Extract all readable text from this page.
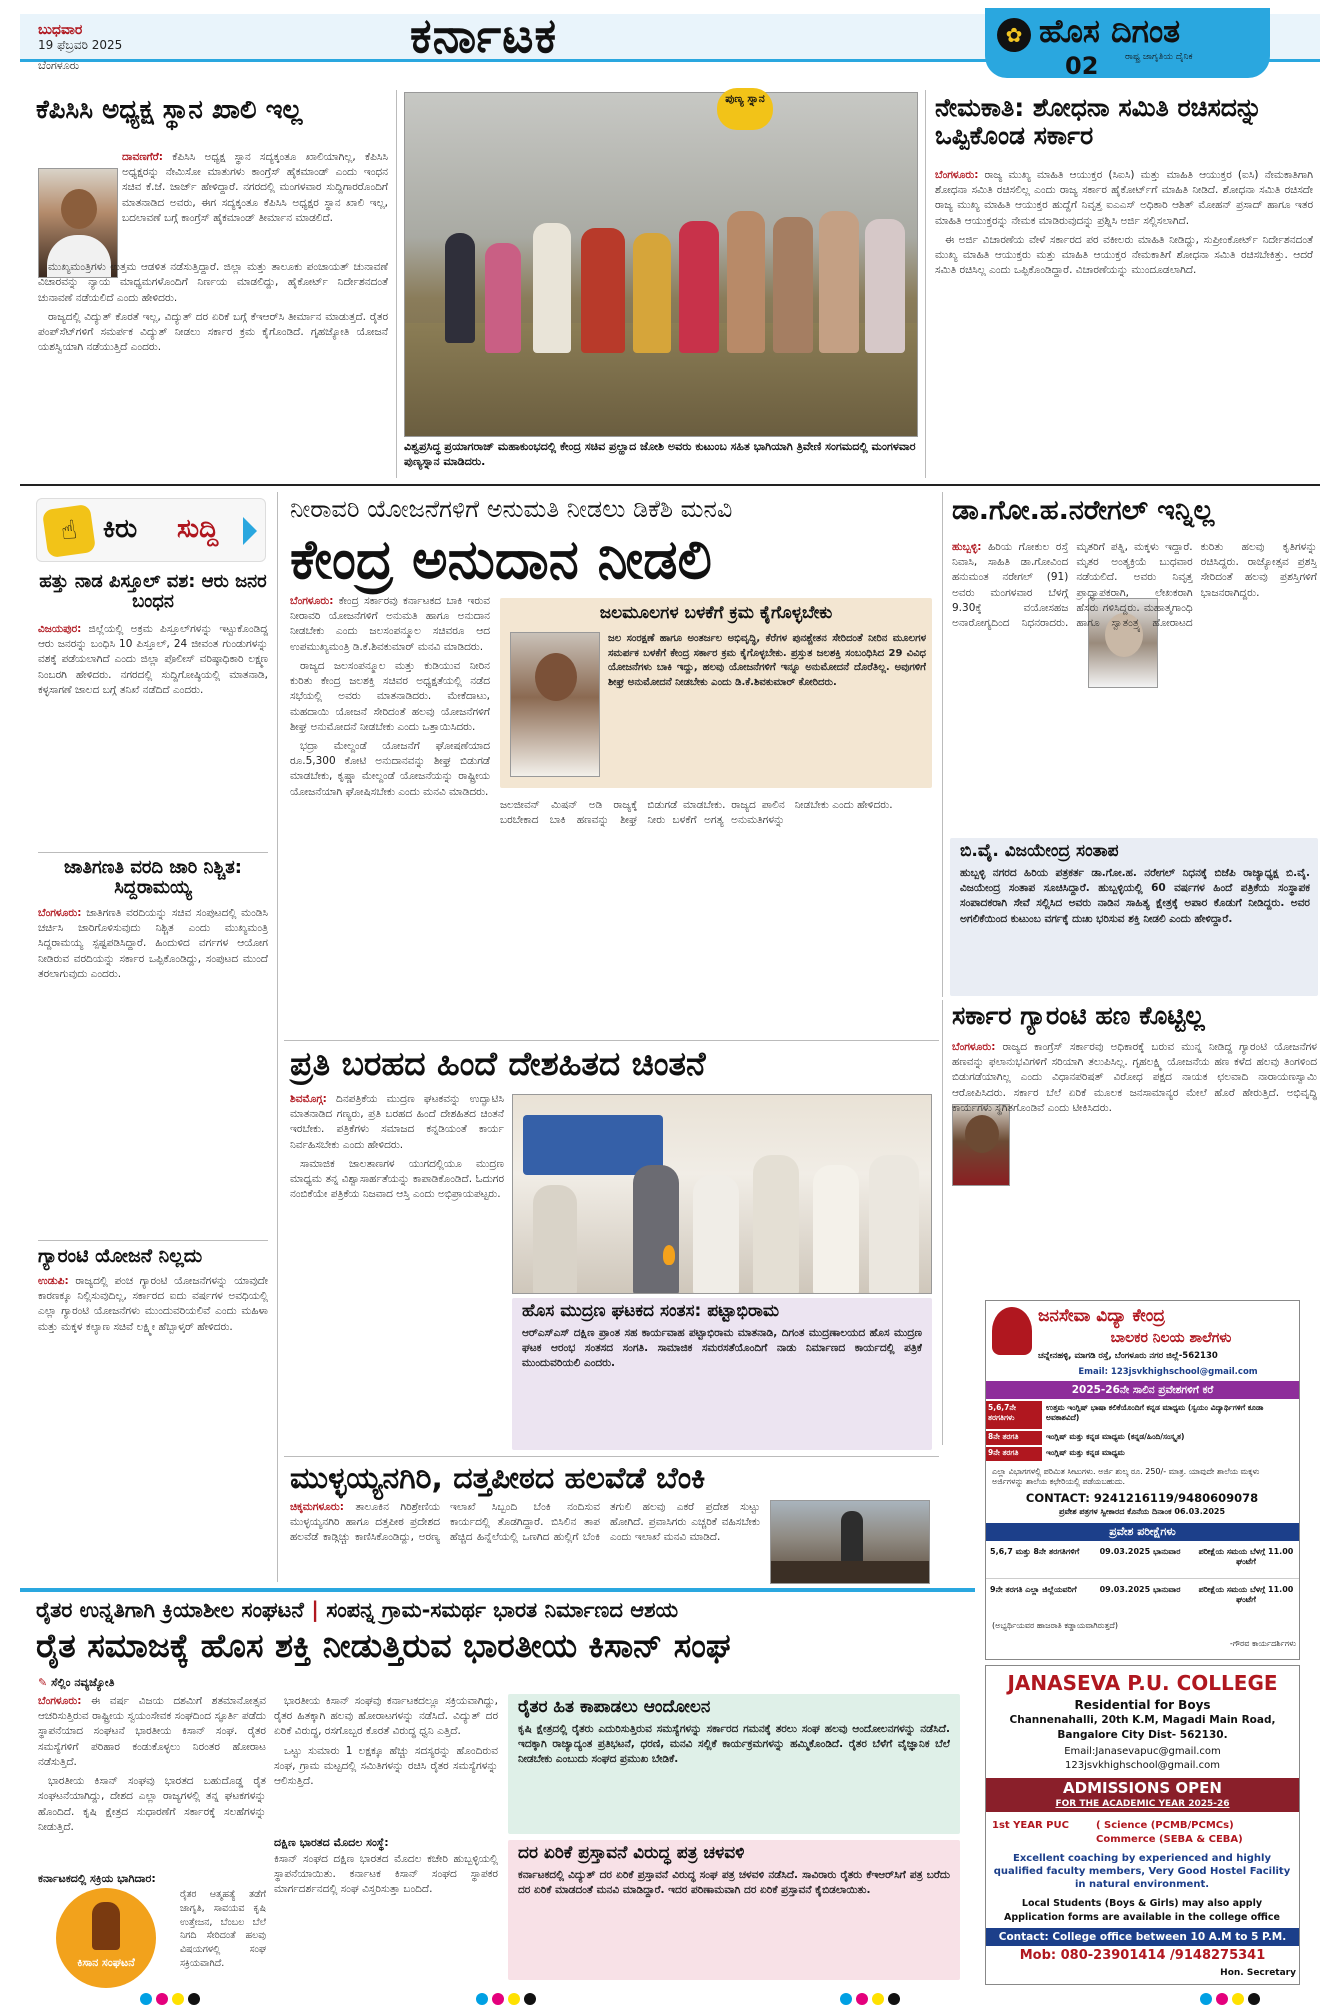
ಬುಧವಾರ
19 ಫೆಬ್ರವರಿ 2025
ಬೆಂಗಳೂರು
ಕರ್ನಾಟಕ	✿ ಹೊಸ ದಿಗಂತ
ರಾಷ್ಟ್ರ ಜಾಗೃತಿಯ ದೈನಿಕ
02
ಕೆಪಿಸಿಸಿ ಅಧ್ಯಕ್ಷ ಸ್ಥಾನ ಖಾಲಿ ಇಲ್ಲ

ದಾವಣಗೆರೆ: ಕೆಪಿಸಿಸಿ ಅಧ್ಯಕ್ಷ ಸ್ಥಾನ ಸದ್ಯಕ್ಕಂತೂ ಖಾಲಿಯಾಗಿಲ್ಲ, ಕೆಪಿಸಿಸಿ ಅಧ್ಯಕ್ಷರನ್ನು ನೇಮಿಸೋ ಮಾತುಗಳು ಕಾಂಗ್ರೆಸ್ ಹೈಕಮಾಂಡ್ ಎಂದು ಇಂಧನ ಸಚಿವ ಕೆ.ಜೆ. ಜಾರ್ಜ್ ಹೇಳಿದ್ದಾರೆ. ನಗರದಲ್ಲಿ ಮಂಗಳವಾರ ಸುದ್ದಿಗಾರರೊಂದಿಗೆ ಮಾತನಾಡಿದ ಅವರು, ಈಗ ಸದ್ಯಕ್ಕಂತೂ ಕೆಪಿಸಿಸಿ ಅಧ್ಯಕ್ಷರ ಸ್ಥಾನ ಖಾಲಿ ಇಲ್ಲ, ಬದಲಾವಣೆ ಬಗ್ಗೆ ಕಾಂಗ್ರೆಸ್ ಹೈಕಮಾಂಡ್ ತೀರ್ಮಾನ ಮಾಡಲಿದೆ.

ಮುಖ್ಯಮಂತ್ರಿಗಳು ಉತ್ತಮ ಆಡಳಿತ ನಡೆಸುತ್ತಿದ್ದಾರೆ. ಜಿಲ್ಲಾ ಮತ್ತು ತಾಲೂಕು ಪಂಚಾಯತ್ ಚುನಾವಣೆ ವಿಚಾರವನ್ನು ನ್ಯಾಯ ಮಾಧ್ಯಮಗಳೊಂದಿಗೆ ನಿರ್ಣಯ ಮಾಡಲಿದ್ದು, ಹೈಕೋರ್ಟ್ ನಿರ್ದೇಶನದಂತೆ ಚುನಾವಣೆ ನಡೆಯಲಿದೆ ಎಂದು ಹೇಳಿದರು.

ರಾಜ್ಯದಲ್ಲಿ ವಿದ್ಯುತ್ ಕೊರತೆ ಇಲ್ಲ, ವಿದ್ಯುತ್ ದರ ಏರಿಕೆ ಬಗ್ಗೆ ಕೆಇಆರ್‌ಸಿ ತೀರ್ಮಾನ ಮಾಡುತ್ತದೆ. ರೈತರ ಪಂಪ್‌ಸೆಟ್‌ಗಳಿಗೆ ಸಮರ್ಪಕ ವಿದ್ಯುತ್ ನೀಡಲು ಸರ್ಕಾರ ಕ್ರಮ ಕೈಗೊಂಡಿದೆ. ಗೃಹಜ್ಯೋತಿ ಯೋಜನೆ ಯಶಸ್ವಿಯಾಗಿ ನಡೆಯುತ್ತಿದೆ ಎಂದರು.

ಪುಣ್ಯ ಸ್ನಾನ
ವಿಶ್ವಪ್ರಸಿದ್ಧ ಪ್ರಯಾಗರಾಜ್ ಮಹಾಕುಂಭದಲ್ಲಿ ಕೇಂದ್ರ ಸಚಿವ ಪ್ರಲ್ಹಾದ ಜೋಶಿ ಅವರು ಕುಟುಂಬ ಸಹಿತ ಭಾಗಿಯಾಗಿ ತ್ರಿವೇಣಿ ಸಂಗಮದಲ್ಲಿ ಮಂಗಳವಾರ ಪುಣ್ಯಸ್ನಾನ ಮಾಡಿದರು.
ನೇಮಕಾತಿ: ಶೋಧನಾ ಸಮಿತಿ ರಚಿಸದನ್ನು ಒಪ್ಪಿಕೊಂಡ ಸರ್ಕಾರ

ಬೆಂಗಳೂರು: ರಾಜ್ಯ ಮುಖ್ಯ ಮಾಹಿತಿ ಆಯುಕ್ತರ (ಸಿಐಸಿ) ಮತ್ತು ಮಾಹಿತಿ ಆಯುಕ್ತರ (ಐಸಿ) ನೇಮಕಾತಿಗಾಗಿ ಶೋಧನಾ ಸಮಿತಿ ರಚಿಸಲಿಲ್ಲ ಎಂದು ರಾಜ್ಯ ಸರ್ಕಾರ ಹೈಕೋರ್ಟ್‌ಗೆ ಮಾಹಿತಿ ನೀಡಿದೆ. ಶೋಧನಾ ಸಮಿತಿ ರಚಿಸದೇ ರಾಜ್ಯ ಮುಖ್ಯ ಮಾಹಿತಿ ಆಯುಕ್ತರ ಹುದ್ದೆಗೆ ನಿವೃತ್ತ ಐಎಎಸ್ ಅಧಿಕಾರಿ ಆಶಿತ್ ಮೋಹನ್ ಪ್ರಸಾದ್ ಹಾಗೂ ಇತರ ಮಾಹಿತಿ ಆಯುಕ್ತರನ್ನು ನೇಮಕ ಮಾಡಿರುವುದನ್ನು ಪ್ರಶ್ನಿಸಿ ಅರ್ಜಿ ಸಲ್ಲಿಸಲಾಗಿದೆ.

ಈ ಅರ್ಜಿ ವಿಚಾರಣೆಯ ವೇಳೆ ಸರ್ಕಾರದ ಪರ ವಕೀಲರು ಮಾಹಿತಿ ನೀಡಿದ್ದು, ಸುಪ್ರೀಂಕೋರ್ಟ್ ನಿರ್ದೇಶನದಂತೆ ಮುಖ್ಯ ಮಾಹಿತಿ ಆಯುಕ್ತರು ಮತ್ತು ಮಾಹಿತಿ ಆಯುಕ್ತರ ನೇಮಕಾತಿಗೆ ಶೋಧನಾ ಸಮಿತಿ ರಚಿಸಬೇಕಿತ್ತು. ಆದರೆ ಸಮಿತಿ ರಚಿಸಿಲ್ಲ ಎಂದು ಒಪ್ಪಿಕೊಂಡಿದ್ದಾರೆ. ವಿಚಾರಣೆಯನ್ನು ಮುಂದೂಡಲಾಗಿದೆ.

☝ ಕಿರು ಸುದ್ದಿ
ಹತ್ತು ನಾಡ ಪಿಸ್ತೂಲ್ ವಶ: ಆರು ಜನರ ಬಂಧನ

ವಿಜಯಪುರ: ಜಿಲ್ಲೆಯಲ್ಲಿ ಅಕ್ರಮ ಪಿಸ್ತೂಲ್‌ಗಳನ್ನು ಇಟ್ಟುಕೊಂಡಿದ್ದ ಆರು ಜನರನ್ನು ಬಂಧಿಸಿ 10 ಪಿಸ್ತೂಲ್, 24 ಜೀವಂತ ಗುಂಡುಗಳನ್ನು ವಶಕ್ಕೆ ಪಡೆಯಲಾಗಿದೆ ಎಂದು ಜಿಲ್ಲಾ ಪೊಲೀಸ್ ವರಿಷ್ಠಾಧಿಕಾರಿ ಲಕ್ಷ್ಮಣ ನಿಂಬರಗಿ ಹೇಳಿದರು. ನಗರದಲ್ಲಿ ಸುದ್ದಿಗೋಷ್ಠಿಯಲ್ಲಿ ಮಾತನಾಡಿ, ಕಳ್ಳಸಾಗಣೆ ಜಾಲದ ಬಗ್ಗೆ ತನಿಖೆ ನಡೆದಿದೆ ಎಂದರು.

ಜಾತಿಗಣತಿ ವರದಿ ಜಾರಿ ನಿಶ್ಚಿತ: ಸಿದ್ದರಾಮಯ್ಯ

ಬೆಂಗಳೂರು: ಜಾತಿಗಣತಿ ವರದಿಯನ್ನು ಸಚಿವ ಸಂಪುಟದಲ್ಲಿ ಮಂಡಿಸಿ ಚರ್ಚಿಸಿ ಜಾರಿಗೊಳಿಸುವುದು ನಿಶ್ಚಿತ ಎಂದು ಮುಖ್ಯಮಂತ್ರಿ ಸಿದ್ದರಾಮಯ್ಯ ಸ್ಪಷ್ಟಪಡಿಸಿದ್ದಾರೆ. ಹಿಂದುಳಿದ ವರ್ಗಗಳ ಆಯೋಗ ನೀಡಿರುವ ವರದಿಯನ್ನು ಸರ್ಕಾರ ಒಪ್ಪಿಕೊಂಡಿದ್ದು, ಸಂಪುಟದ ಮುಂದೆ ತರಲಾಗುವುದು ಎಂದರು.

ಗ್ಯಾರಂಟಿ ಯೋಜನೆ ನಿಲ್ಲದು

ಉಡುಪಿ: ರಾಜ್ಯದಲ್ಲಿ ಪಂಚ ಗ್ಯಾರಂಟಿ ಯೋಜನೆಗಳನ್ನು ಯಾವುದೇ ಕಾರಣಕ್ಕೂ ನಿಲ್ಲಿಸುವುದಿಲ್ಲ, ಸರ್ಕಾರದ ಐದು ವರ್ಷಗಳ ಅವಧಿಯಲ್ಲಿ ಎಲ್ಲಾ ಗ್ಯಾರಂಟಿ ಯೋಜನೆಗಳು ಮುಂದುವರಿಯಲಿವೆ ಎಂದು ಮಹಿಳಾ ಮತ್ತು ಮಕ್ಕಳ ಕಲ್ಯಾಣ ಸಚಿವೆ ಲಕ್ಷ್ಮೀ ಹೆಬ್ಬಾಳ್ಕರ್ ಹೇಳಿದರು.

ನೀರಾವರಿ ಯೋಜನೆಗಳಿಗೆ ಅನುಮತಿ ನೀಡಲು ಡಿಕೆಶಿ ಮನವಿ
ಕೇಂದ್ರ ಅನುದಾನ ನೀಡಲಿ

ಬೆಂಗಳೂರು: ಕೇಂದ್ರ ಸರ್ಕಾರವು ಕರ್ನಾಟಕದ ಬಾಕಿ ಇರುವ ನೀರಾವರಿ ಯೋಜನೆಗಳಿಗೆ ಅನುಮತಿ ಹಾಗೂ ಅನುದಾನ ನೀಡಬೇಕು ಎಂದು ಜಲಸಂಪನ್ಮೂಲ ಸಚಿವರೂ ಆದ ಉಪಮುಖ್ಯಮಂತ್ರಿ ಡಿ.ಕೆ.ಶಿವಕುಮಾರ್ ಮನವಿ ಮಾಡಿದರು.

ರಾಜ್ಯದ ಜಲಸಂಪನ್ಮೂಲ ಮತ್ತು ಕುಡಿಯುವ ನೀರಿನ ಕುರಿತು ಕೇಂದ್ರ ಜಲಶಕ್ತಿ ಸಚಿವರ ಅಧ್ಯಕ್ಷತೆಯಲ್ಲಿ ನಡೆದ ಸಭೆಯಲ್ಲಿ ಅವರು ಮಾತನಾಡಿದರು. ಮೇಕೆದಾಟು, ಮಹದಾಯಿ ಯೋಜನೆ ಸೇರಿದಂತೆ ಹಲವು ಯೋಜನೆಗಳಿಗೆ ಶೀಘ್ರ ಅನುಮೋದನೆ ನೀಡಬೇಕು ಎಂದು ಒತ್ತಾಯಿಸಿದರು.

ಭದ್ರಾ ಮೇಲ್ದಂಡೆ ಯೋಜನೆಗೆ ಘೋಷಣೆಯಾದ ರೂ.5,300 ಕೋಟಿ ಅನುದಾನವನ್ನು ಶೀಘ್ರ ಬಿಡುಗಡೆ ಮಾಡಬೇಕು, ಕೃಷ್ಣಾ ಮೇಲ್ದಂಡೆ ಯೋಜನೆಯನ್ನು ರಾಷ್ಟ್ರೀಯ ಯೋಜನೆಯಾಗಿ ಘೋಷಿಸಬೇಕು ಎಂದು ಮನವಿ ಮಾಡಿದರು.

ಜಲಮೂಲಗಳ ಬಳಕೆಗೆ ಕ್ರಮ ಕೈಗೊಳ್ಳಬೇಕು
ಜಲ ಸಂರಕ್ಷಣೆ ಹಾಗೂ ಅಂತರ್ಜಲ ಅಭಿವೃದ್ಧಿ, ಕೆರೆಗಳ ಪುನಶ್ಚೇತನ ಸೇರಿದಂತೆ ನೀರಿನ ಮೂಲಗಳ ಸಮರ್ಪಕ ಬಳಕೆಗೆ ಕೇಂದ್ರ ಸರ್ಕಾರ ಕ್ರಮ ಕೈಗೊಳ್ಳಬೇಕು. ಪ್ರಸ್ತುತ ಜಲಶಕ್ತಿ ಸಂಬಂಧಿಸಿದ 29 ವಿವಿಧ ಯೋಜನೆಗಳು ಬಾಕಿ ಇದ್ದು, ಹಲವು ಯೋಜನೆಗಳಿಗೆ ಇನ್ನೂ ಅನುಮೋದನೆ ದೊರೆತಿಲ್ಲ. ಅವುಗಳಿಗೆ ಶೀಘ್ರ ಅನುಮೋದನೆ ನೀಡಬೇಕು ಎಂದು ಡಿ.ಕೆ.ಶಿವಕುಮಾರ್ ಕೋರಿದರು.
ಜಲಜೀವನ್ ಮಿಷನ್ ಅಡಿ ರಾಜ್ಯಕ್ಕೆ ಬರಬೇಕಾದ ಬಾಕಿ ಹಣವನ್ನು ಶೀಘ್ರ ಬಿಡುಗಡೆ ಮಾಡಬೇಕು. ರಾಜ್ಯದ ಪಾಲಿನ ನೀರು ಬಳಕೆಗೆ ಅಗತ್ಯ ಅನುಮತಿಗಳನ್ನು ನೀಡಬೇಕು ಎಂದು ಹೇಳಿದರು.
ಡಾ.ಗೋ.ಹ.ನರೇಗಲ್ ಇನ್ನಿಲ್ಲ

ಹುಬ್ಬಳ್ಳಿ: ಹಿರಿಯ ಗೋಕುಲ ರಸ್ತೆ ನಿವಾಸಿ, ಸಾಹಿತಿ ಡಾ.ಗೋವಿಂದ ಹನುಮಂತ ನರೇಗಲ್ (91) ಅವರು ಮಂಗಳವಾರ ಬೆಳಗ್ಗೆ 9.30ಕ್ಕೆ ವಯೋಸಹಜ ಅನಾರೋಗ್ಯದಿಂದ ನಿಧನರಾದರು. ಮೃತರಿಗೆ ಪತ್ನಿ, ಮಕ್ಕಳು ಇದ್ದಾರೆ. ಮೃತರ ಅಂತ್ಯಕ್ರಿಯೆ ಬುಧವಾರ ನಡೆಯಲಿದೆ. ಅವರು ನಿವೃತ್ತ ಪ್ರಾಧ್ಯಾಪಕರಾಗಿ, ಲೇಖಕರಾಗಿ ಹೆಸರು ಗಳಿಸಿದ್ದರು. ಮಹಾತ್ಮಗಾಂಧಿ ಹಾಗೂ ಸ್ವಾತಂತ್ರ್ಯ ಹೋರಾಟದ ಕುರಿತು ಹಲವು ಕೃತಿಗಳನ್ನು ರಚಿಸಿದ್ದರು. ರಾಜ್ಯೋತ್ಸವ ಪ್ರಶಸ್ತಿ ಸೇರಿದಂತೆ ಹಲವು ಪ್ರಶಸ್ತಿಗಳಿಗೆ ಭಾಜನರಾಗಿದ್ದರು.

ಬಿ.ವೈ. ವಿಜಯೇಂದ್ರ ಸಂತಾಪ
ಹುಬ್ಬಳ್ಳಿ ನಗರದ ಹಿರಿಯ ಪತ್ರಕರ್ತ ಡಾ.ಗೋ.ಹ. ನರೇಗಲ್ ನಿಧನಕ್ಕೆ ಬಿಜೆಪಿ ರಾಜ್ಯಾಧ್ಯಕ್ಷ ಬಿ.ವೈ. ವಿಜಯೇಂದ್ರ ಸಂತಾಪ ಸೂಚಿಸಿದ್ದಾರೆ. ಹುಬ್ಬಳ್ಳಿಯಲ್ಲಿ 60 ವರ್ಷಗಳ ಹಿಂದೆ ಪತ್ರಿಕೆಯ ಸಂಸ್ಥಾಪಕ ಸಂಪಾದಕರಾಗಿ ಸೇವೆ ಸಲ್ಲಿಸಿದ ಅವರು ನಾಡಿನ ಸಾಹಿತ್ಯ ಕ್ಷೇತ್ರಕ್ಕೆ ಅಪಾರ ಕೊಡುಗೆ ನೀಡಿದ್ದರು. ಅವರ ಅಗಲಿಕೆಯಿಂದ ಕುಟುಂಬ ವರ್ಗಕ್ಕೆ ದುಃಖ ಭರಿಸುವ ಶಕ್ತಿ ನೀಡಲಿ ಎಂದು ಹೇಳಿದ್ದಾರೆ.
ಪ್ರತಿ ಬರಹದ ಹಿಂದೆ ದೇಶಹಿತದ ಚಿಂತನೆ

ಶಿವಮೊಗ್ಗ: ದಿನಪತ್ರಿಕೆಯ ಮುದ್ರಣ ಘಟಕವನ್ನು ಉದ್ಘಾಟಿಸಿ ಮಾತನಾಡಿದ ಗಣ್ಯರು, ಪ್ರತಿ ಬರಹದ ಹಿಂದೆ ದೇಶಹಿತದ ಚಿಂತನೆ ಇರಬೇಕು. ಪತ್ರಿಕೆಗಳು ಸಮಾಜದ ಕನ್ನಡಿಯಂತೆ ಕಾರ್ಯ ನಿರ್ವಹಿಸಬೇಕು ಎಂದು ಹೇಳಿದರು.

ಸಾಮಾಜಿಕ ಜಾಲತಾಣಗಳ ಯುಗದಲ್ಲಿಯೂ ಮುದ್ರಣ ಮಾಧ್ಯಮ ತನ್ನ ವಿಶ್ವಾಸಾರ್ಹತೆಯನ್ನು ಕಾಪಾಡಿಕೊಂಡಿದೆ. ಓದುಗರ ನಂಬಿಕೆಯೇ ಪತ್ರಿಕೆಯ ನಿಜವಾದ ಆಸ್ತಿ ಎಂದು ಅಭಿಪ್ರಾಯಪಟ್ಟರು.

ಹೊಸ ಮುದ್ರಣ ಘಟಕದ ಸಂತಸ: ಪಟ್ಟಾಭಿರಾಮ
ಆರ್‌ಎಸ್‌ಎಸ್ ದಕ್ಷಿಣ ಪ್ರಾಂತ ಸಹ ಕಾರ್ಯವಾಹ ಪಟ್ಟಾಭಿರಾಮ ಮಾತನಾಡಿ, ದಿಗಂತ ಮುದ್ರಣಾಲಯದ ಹೊಸ ಮುದ್ರಣ ಘಟಕ ಆರಂಭ ಸಂತಸದ ಸಂಗತಿ. ಸಾಮಾಜಿಕ ಸಮರಸತೆಯೊಂದಿಗೆ ನಾಡು ನಿರ್ಮಾಣದ ಕಾರ್ಯದಲ್ಲಿ ಪತ್ರಿಕೆ ಮುಂದುವರಿಯಲಿ ಎಂದರು.
ಸರ್ಕಾರ ಗ್ಯಾರಂಟಿ ಹಣ ಕೊಟ್ಟಿಲ್ಲ

ಬೆಂಗಳೂರು: ರಾಜ್ಯದ ಕಾಂಗ್ರೆಸ್ ಸರ್ಕಾರವು ಅಧಿಕಾರಕ್ಕೆ ಬರುವ ಮುನ್ನ ನೀಡಿದ್ದ ಗ್ಯಾರಂಟಿ ಯೋಜನೆಗಳ ಹಣವನ್ನು ಫಲಾನುಭವಿಗಳಿಗೆ ಸರಿಯಾಗಿ ತಲುಪಿಸಿಲ್ಲ. ಗೃಹಲಕ್ಷ್ಮಿ ಯೋಜನೆಯ ಹಣ ಕಳೆದ ಹಲವು ತಿಂಗಳಿಂದ ಬಿಡುಗಡೆಯಾಗಿಲ್ಲ ಎಂದು ವಿಧಾನಪರಿಷತ್ ವಿರೋಧ ಪಕ್ಷದ ನಾಯಕ ಛಲವಾದಿ ನಾರಾಯಣಸ್ವಾಮಿ ಆರೋಪಿಸಿದರು. ಸರ್ಕಾರ ಬೆಲೆ ಏರಿಕೆ ಮೂಲಕ ಜನಸಾಮಾನ್ಯರ ಮೇಲೆ ಹೊರೆ ಹೇರುತ್ತಿದೆ. ಅಭಿವೃದ್ಧಿ ಕಾರ್ಯಗಳು ಸ್ಥಗಿತಗೊಂಡಿವೆ ಎಂದು ಟೀಕಿಸಿದರು.

ಜನಸೇವಾ ವಿದ್ಯಾ ಕೇಂದ್ರ
ಬಾಲಕರ ನಿಲಯ ಶಾಲೆಗಳು
ಚನ್ನೇನಹಳ್ಳಿ, ಮಾಗಡಿ ರಸ್ತೆ, ಬೆಂಗಳೂರು ನಗರ ಜಿಲ್ಲೆ-562130
Email: 123jsvkhighschool@gmail.com
2025-26ನೇ ಸಾಲಿನ ಪ್ರವೇಶಗಳಿಗೆ ಕರೆ
5,6,7ನೇ ತರಗತಿಗಳು
ಉತ್ತಮ ಇಂಗ್ಲಿಷ್ ಭಾಷಾ ಕಲಿಕೆಯೊಂದಿಗೆ ಕನ್ನಡ ಮಾಧ್ಯಮ (ಸ್ವಯಂ ವಿದ್ಯಾರ್ಥಿಗಳಿಗೆ ಕೂಡಾ ಅವಕಾಶವಿದೆ)
8ನೇ ತರಗತಿ	ಇಂಗ್ಲಿಷ್ ಮತ್ತು ಕನ್ನಡ ಮಾಧ್ಯಮ (ಕನ್ನಡ/ಹಿಂದಿ/ಸಂಸ್ಕೃತ)
9ನೇ ತರಗತಿ	ಇಂಗ್ಲಿಷ್ ಮತ್ತು ಕನ್ನಡ ಮಾಧ್ಯಮ
ಎಲ್ಲಾ ವಿಭಾಗಗಳಲ್ಲಿ ಪರಿಮಿತ ಸೀಟುಗಳು. ಅರ್ಜಿ ಶುಲ್ಕ ರೂ. 250/- ಮಾತ್ರ. ಯಾವುದೇ ಶಾಲೆಯ ಮಕ್ಕಳು ಅರ್ಜಿಗಳನ್ನು ಶಾಲೆಯ ಕಛೇರಿಯಲ್ಲಿ ಪಡೆಯಬಹುದು.
CONTACT: 9241216119/9480609078
ಪ್ರವೇಶ ಪತ್ರಗಳ ಸ್ವೀಕಾರದ ಕೊನೆಯ ದಿನಾಂಕ 06.03.2025
ಪ್ರವೇಶ ಪರೀಕ್ಷೆಗಳು
5,6,7 ಮತ್ತು 8ನೇ ತರಗತಿಗಳಿಗೆ	09.03.2025 ಭಾನುವಾರ	ಪರೀಕ್ಷೆಯ ಸಮಯ ಬೆಳಗ್ಗೆ 11.00 ಘಂಟೆಗೆ
9ನೇ ತರಗತಿ ಎಲ್ಲಾ ಜಿಲ್ಲೆಯವರಿಗೆ	09.03.2025 ಭಾನುವಾರ	ಪರೀಕ್ಷೆಯ ಸಮಯ ಬೆಳಗ್ಗೆ 11.00 ಘಂಟೆಗೆ
(ಅಭ್ಯರ್ಥಿಯವರ ಹಾಜರಾತಿ ಕಡ್ಡಾಯವಾಗಿರುತ್ತದೆ)
-ಗೌರವ ಕಾರ್ಯದರ್ಶಿಗಳು
JANASEVA P.U. COLLEGE
Residential for Boys
Channenahalli, 20th K.M, Magadi Main Road,
Bangalore City Dist- 562130.
Email:Janasevapuc@gmail.com
123jsvkhighschool@gmail.com
ADMISSIONS OPEN
FOR THE ACADEMIC YEAR 2025-26
1st YEAR PUC	( Science (PCMB/PCMCs)
Commerce (SEBA & CEBA)
Excellent coaching by experienced and highly qualified faculty members, Very Good Hostel Facility in natural environment.
Local Students (Boys & Girls) may also apply
Application forms are available in the college office
Contact: College office between 10 A.M to 5 P.M.
Mob: 080-23901414 /9148275341
Hon. Secretary
ಮುಳ್ಳಯ್ಯನಗಿರಿ, ದತ್ತಪೀಠದ ಹಲವೆಡೆ ಬೆಂಕಿ

ಚಿಕ್ಕಮಗಳೂರು: ತಾಲೂಕಿನ ಗಿರಿಶ್ರೇಣಿಯ ಮುಳ್ಳಯ್ಯನಗಿರಿ ಹಾಗೂ ದತ್ತಪೀಠ ಪ್ರದೇಶದ ಹಲವೆಡೆ ಕಾಡ್ಗಿಚ್ಚು ಕಾಣಿಸಿಕೊಂಡಿದ್ದು, ಅರಣ್ಯ ಇಲಾಖೆ ಸಿಬ್ಬಂದಿ ಬೆಂಕಿ ನಂದಿಸುವ ಕಾರ್ಯದಲ್ಲಿ ತೊಡಗಿದ್ದಾರೆ. ಬಿಸಿಲಿನ ತಾಪ ಹೆಚ್ಚಿದ ಹಿನ್ನೆಲೆಯಲ್ಲಿ ಒಣಗಿದ ಹುಲ್ಲಿಗೆ ಬೆಂಕಿ ತಗುಲಿ ಹಲವು ಎಕರೆ ಪ್ರದೇಶ ಸುಟ್ಟು ಹೋಗಿದೆ. ಪ್ರವಾಸಿಗರು ಎಚ್ಚರಿಕೆ ವಹಿಸಬೇಕು ಎಂದು ಇಲಾಖೆ ಮನವಿ ಮಾಡಿದೆ.

ರೈತರ ಉನ್ನತಿಗಾಗಿ ಕ್ರಿಯಾಶೀಲ ಸಂಘಟನೆ | ಸಂಪನ್ನ ಗ್ರಾಮ-ಸಮರ್ಥ ಭಾರತ ನಿರ್ಮಾಣದ ಆಶಯ
ರೈತ ಸಮಾಜಕ್ಕೆ ಹೊಸ ಶಕ್ತಿ ನೀಡುತ್ತಿರುವ ಭಾರತೀಯ ಕಿಸಾನ್ ಸಂಘ
✎ ಸೆಲ್ಲಿಂ ನವ್ಯಜ್ಯೋತಿ

ಬೆಂಗಳೂರು: ಈ ವರ್ಷ ವಿಜಯ ದಶಮಿಗೆ ಶತಮಾನೋತ್ಸವ ಆಚರಿಸುತ್ತಿರುವ ರಾಷ್ಟ್ರೀಯ ಸ್ವಯಂಸೇವಕ ಸಂಘದಿಂದ ಸ್ಫೂರ್ತಿ ಪಡೆದು ಸ್ಥಾಪನೆಯಾದ ಸಂಘಟನೆ ಭಾರತೀಯ ಕಿಸಾನ್ ಸಂಘ. ರೈತರ ಸಮಸ್ಯೆಗಳಿಗೆ ಪರಿಹಾರ ಕಂಡುಕೊಳ್ಳಲು ನಿರಂತರ ಹೋರಾಟ ನಡೆಸುತ್ತಿದೆ.

ಭಾರತೀಯ ಕಿಸಾನ್ ಸಂಘವು ಭಾರತದ ಬಹುದೊಡ್ಡ ರೈತ ಸಂಘಟನೆಯಾಗಿದ್ದು, ದೇಶದ ಎಲ್ಲಾ ರಾಜ್ಯಗಳಲ್ಲಿ ತನ್ನ ಘಟಕಗಳನ್ನು ಹೊಂದಿದೆ. ಕೃಷಿ ಕ್ಷೇತ್ರದ ಸುಧಾರಣೆಗೆ ಸರ್ಕಾರಕ್ಕೆ ಸಲಹೆಗಳನ್ನು ನೀಡುತ್ತಿದೆ.

ಕರ್ನಾಟಕದಲ್ಲಿ ಸಕ್ರಿಯ ಭಾಗಿದಾರ:
ರೈತರ ಆತ್ಮಹತ್ಯೆ ತಡೆಗೆ ಜಾಗೃತಿ, ಸಾವಯವ ಕೃಷಿ ಉತ್ತೇಜನ, ಬೆಂಬಲ ಬೆಲೆ ನಿಗದಿ ಸೇರಿದಂತೆ ಹಲವು ವಿಷಯಗಳಲ್ಲಿ ಸಂಘ ಸಕ್ರಿಯವಾಗಿದೆ.
ಕಿಸಾನ ಸಂಘಟನೆ

ಭಾರತೀಯ ಕಿಸಾನ್ ಸಂಘವು ಕರ್ನಾಟಕದಲ್ಲೂ ಸಕ್ರಿಯವಾಗಿದ್ದು, ರೈತರ ಹಿತಕ್ಕಾಗಿ ಹಲವು ಹೋರಾಟಗಳನ್ನು ನಡೆಸಿದೆ. ವಿದ್ಯುತ್ ದರ ಏರಿಕೆ ವಿರುದ್ಧ, ರಸಗೊಬ್ಬರ ಕೊರತೆ ವಿರುದ್ಧ ಧ್ವನಿ ಎತ್ತಿದೆ.

ಒಟ್ಟು ಸುಮಾರು 1 ಲಕ್ಷಕ್ಕೂ ಹೆಚ್ಚು ಸದಸ್ಯರನ್ನು ಹೊಂದಿರುವ ಸಂಘ, ಗ್ರಾಮ ಮಟ್ಟದಲ್ಲಿ ಸಮಿತಿಗಳನ್ನು ರಚಿಸಿ ರೈತರ ಸಮಸ್ಯೆಗಳನ್ನು ಆಲಿಸುತ್ತಿದೆ.

ದಕ್ಷಿಣ ಭಾರತದ ಮೊದಲ ಸಂಸ್ಥೆ:
ಕಿಸಾನ್ ಸಂಘದ ದಕ್ಷಿಣ ಭಾರತದ ಮೊದಲ ಕಚೇರಿ ಹುಬ್ಬಳ್ಳಿಯಲ್ಲಿ ಸ್ಥಾಪನೆಯಾಯಿತು. ಕರ್ನಾಟಕ ಕಿಸಾನ್ ಸಂಘದ ಸ್ಥಾಪಕರ ಮಾರ್ಗದರ್ಶನದಲ್ಲಿ ಸಂಘ ವಿಸ್ತರಿಸುತ್ತಾ ಬಂದಿದೆ.
ರೈತರ ಹಿತ ಕಾಪಾಡಲು ಆಂದೋಲನ
ಕೃಷಿ ಕ್ಷೇತ್ರದಲ್ಲಿ ರೈತರು ಎದುರಿಸುತ್ತಿರುವ ಸಮಸ್ಯೆಗಳನ್ನು ಸರ್ಕಾರದ ಗಮನಕ್ಕೆ ತರಲು ಸಂಘ ಹಲವು ಆಂದೋಲನಗಳನ್ನು ನಡೆಸಿದೆ. ಇದಕ್ಕಾಗಿ ರಾಜ್ಯಾದ್ಯಂತ ಪ್ರತಿಭಟನೆ, ಧರಣಿ, ಮನವಿ ಸಲ್ಲಿಕೆ ಕಾರ್ಯಕ್ರಮಗಳನ್ನು ಹಮ್ಮಿಕೊಂಡಿದೆ. ರೈತರ ಬೆಳೆಗೆ ವೈಜ್ಞಾನಿಕ ಬೆಲೆ ನೀಡಬೇಕು ಎಂಬುದು ಸಂಘದ ಪ್ರಮುಖ ಬೇಡಿಕೆ.
ದರ ಏರಿಕೆ ಪ್ರಸ್ತಾವನೆ ವಿರುದ್ಧ ಪತ್ರ ಚಳವಳಿ
ಕರ್ನಾಟಕದಲ್ಲಿ ವಿದ್ಯುತ್ ದರ ಏರಿಕೆ ಪ್ರಸ್ತಾವನೆ ವಿರುದ್ಧ ಸಂಘ ಪತ್ರ ಚಳವಳಿ ನಡೆಸಿದೆ. ಸಾವಿರಾರು ರೈತರು ಕೆಇಆರ್‌ಸಿಗೆ ಪತ್ರ ಬರೆದು ದರ ಏರಿಕೆ ಮಾಡದಂತೆ ಮನವಿ ಮಾಡಿದ್ದಾರೆ. ಇದರ ಪರಿಣಾಮವಾಗಿ ದರ ಏರಿಕೆ ಪ್ರಸ್ತಾವನೆ ಕೈಬಿಡಲಾಯಿತು.
